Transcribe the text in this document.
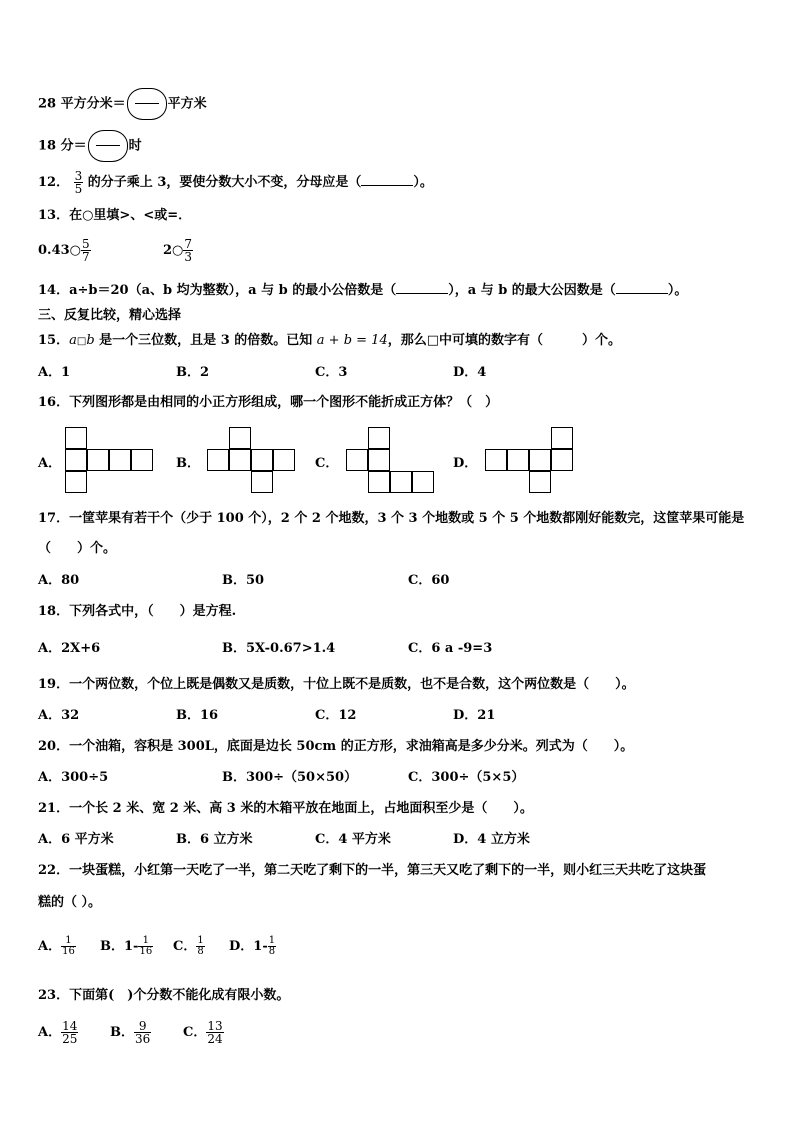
28 平方分米＝	平方米
18 分＝	时
12． $\frac{3}{5}$ 的分子乘上 3，要使分数大小不变，分母应是（	）。
13．在○里填>、<或=．
0.43○ $\frac{5}{7}$	2○ $\frac{7}{3}$
14．a÷b＝20（a、b 均为整数），a 与 b 的最小公倍数是（	），a 与 b 的最大公因数是（	）。
三、反复比较，精心选择
15．a□b 是一个三位数，且是 3 的倍数。已知 a + b = 14，那么□中可填的数字有（　　　）个。
A．1	B．2	C．3	D．4
16．下列图形都是由相同的小正方形组成，哪一个图形不能折成正方体？（　）
A．	B．	C．	D．
17．一筐苹果有若干个（少于 100 个），2 个 2 个地数，3 个 3 个地数或 5 个 5 个地数都刚好能数完，这筐苹果可能是
（　　）个。
A．80	B．50	C．60
18．下列各式中，（　　）是方程.
A．2X+6	B．5X-0.67>1.4	C．6 a -9=3
19．一个两位数，个位上既是偶数又是质数，十位上既不是质数，也不是合数，这个两位数是（　　）。
A．32	B．16	C．12	D．21
20．一个油箱，容积是 300L，底面是边长 50cm 的正方形，求油箱高是多少分米。列式为（　　）。
A．300÷5	B．300÷（50×50）	C．300÷（5×5）
21．一个长 2 米、宽 2 米、高 3 米的木箱平放在地面上，占地面积至少是（　　）。
A．6 平方米	B．6 立方米	C．4 平方米	D．4 立方米
22．一块蛋糕，小红第一天吃了一半，第二天吃了剩下的一半，第三天又吃了剩下的一半，则小红三天共吃了这块蛋
糕的（ ）。
A． $\frac{1}{16}$ B．$1- \frac{1}{16}$ C． $\frac{1}{8}$ D．$1- \frac{1}{8}$
23．下面第(　)个分数不能化成有限小数。
A． $\frac{14}{25}$ B． $\frac{9}{36}$ C． $\frac{13}{24}$
